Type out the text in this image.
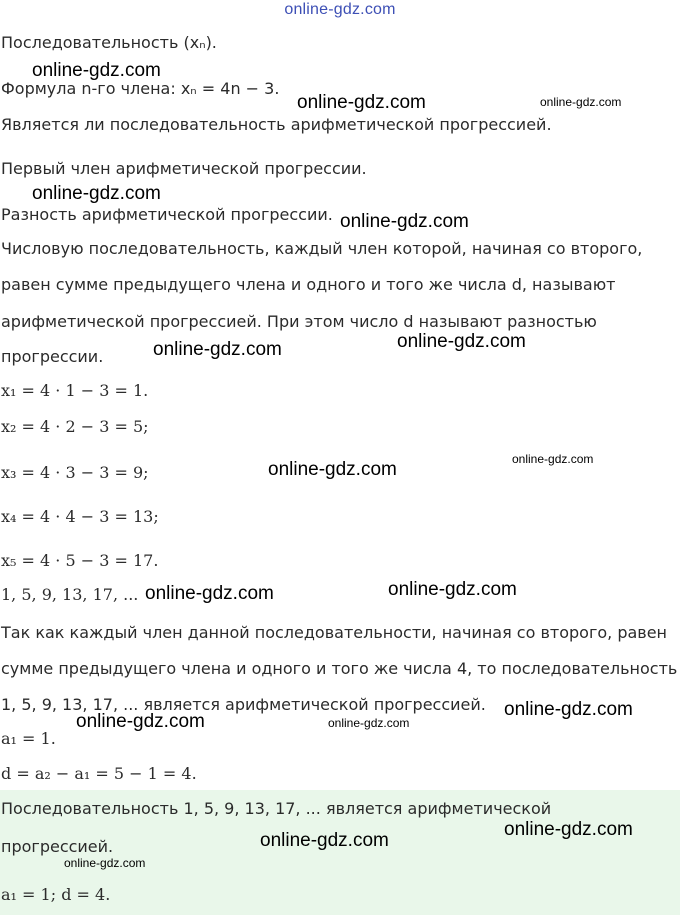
online-gdz.com
Последовательность (xₙ).
Формула n-го члена: xₙ = 4n − 3.
Является ли последовательность арифметической прогрессией.
Первый член арифметической прогрессии.
Разность арифметической прогрессии.
Числовую последовательность, каждый член которой, начиная со второго,
равен сумме предыдущего члена и одного и того же числа d, называют
арифметической прогрессией. При этом число d называют разностью
прогрессии.
x₁ = 4 · 1 − 3 = 1.
x₂ = 4 · 2 − 3 = 5;
x₃ = 4 · 3 − 3 = 9;
x₄ = 4 · 4 − 3 = 13;
x₅ = 4 · 5 − 3 = 17.
1, 5, 9, 13, 17, ...
Так как каждый член данной последовательности, начиная со второго, равен
сумме предыдущего члена и одного и того же числа 4, то последовательность
1, 5, 9, 13, 17, ... является арифметической прогрессией.
a₁ = 1.
d = a₂ − a₁ = 5 − 1 = 4.
Последовательность 1, 5, 9, 13, 17, ... является арифметической
прогрессией.
a₁ = 1; d = 4.
online-gdz.com
online-gdz.com	online-gdz.com
online-gdz.com
online-gdz.com
online-gdz.com
online-gdz.com
online-gdz.com	online-gdz.com
online-gdz.com	online-gdz.com
online-gdz.com
online-gdz.com	online-gdz.com
online-gdz.com
online-gdz.com
online-gdz.com
